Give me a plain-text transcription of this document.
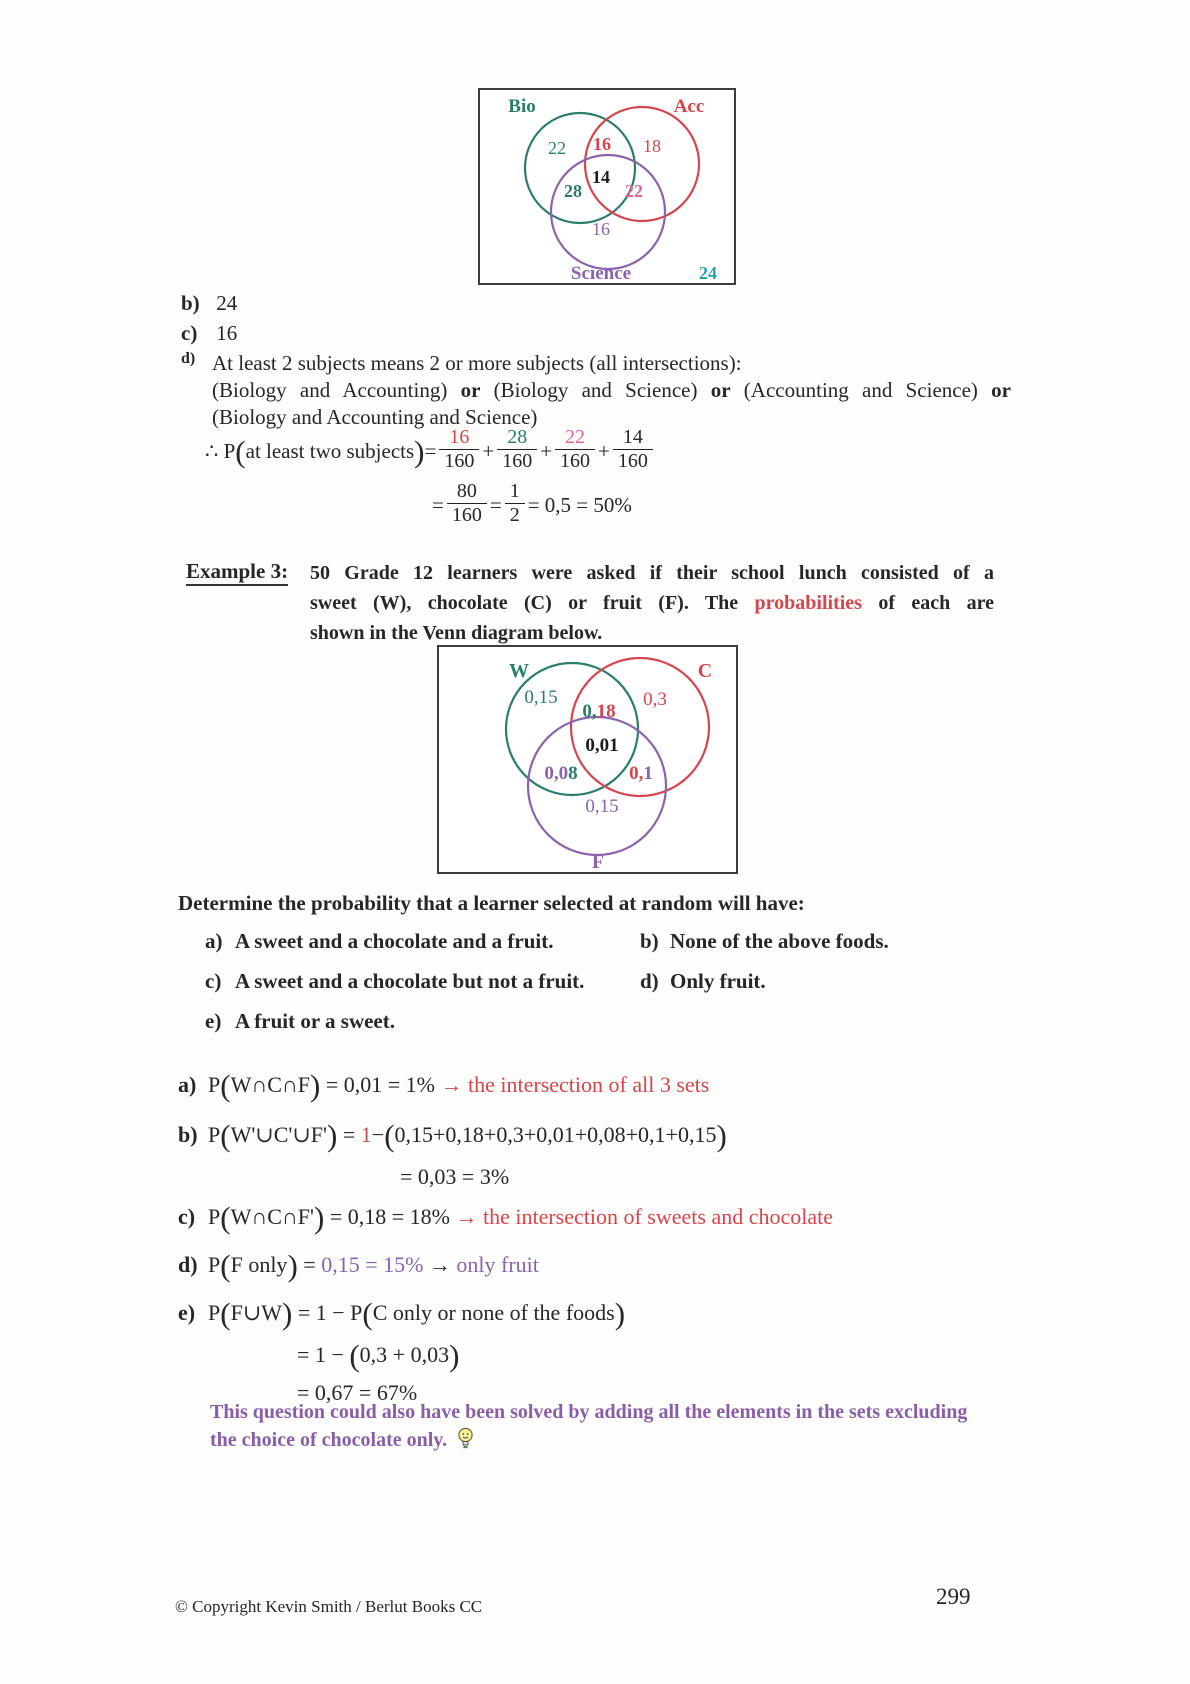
Bio	Acc
22 16 18
14
28 22
16
Science	24
b) 24
c) 16
d) At least 2 subjects means 2 or more subjects (all intersections):
(Biology and Accounting) or (Biology and Science) or (Accounting and Science) or
(Biology and Accounting and Science)
∴ P ( at least two subjects ) = $\frac{16}{160} + \frac{28}{160} + \frac{22}{160} + \frac{14}{160}$
= $\frac{80}{160} = \frac{1}{2} = 0,5 = 50\%$
Example 3: 50 Grade 12 learners were asked if their school lunch consisted of a
sweet (W), chocolate (C) or fruit (F). The probabilities of each are
shown in the Venn diagram below.
W	C
0,15
0,18
0,3
0,01
0,08	0,1
0,15
F
Determine the probability that a learner selected at random will have:
a) A sweet and a chocolate and a fruit.	b) None of the above foods.
c) A sweet and a chocolate but not a fruit.	d) Only fruit.
e) A fruit or a sweet.
a) P(W∩C∩F) = 0,01 = 1% → the intersection of all 3 sets
b) P(W'∪C'∪F') = 1−(0,15+0,18+0,3+0,01+0,08+0,1+0,15)
= 0,03 = 3%
c) P(W∩C∩F') = 0,18 = 18% → the intersection of sweets and chocolate
d) P(F only) = 0,15 = 15% → only fruit
e) P(F∪W) = 1 − P(C only or none of the foods)
= 1 − (0,3 + 0,03)
= 0,67 = 67%
This question could also have been solved by adding all the elements in the sets excluding
the choice of chocolate only.
© Copyright Kevin Smith / Berlut Books CC	299
